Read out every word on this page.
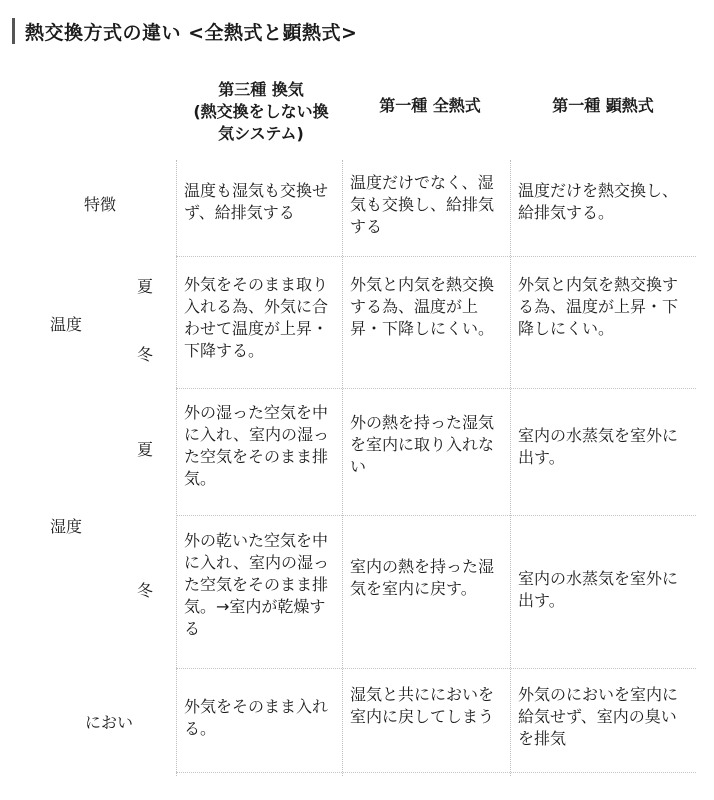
熱交換方式の違い <全熱式と顕熱式>
第三種 換気
(熱交換をしない換気システム)
第一種 全熱式	第一種 顕熱式
特徴
温度
夏
冬
湿度
夏
冬
におい
温度も湿気も交換せず、給排気する
温度だけでなく、湿気も交換し、給排気する
温度だけを熱交換し、給排気する。
外気をそのまま取り入れる為、外気に合わせて温度が上昇・下降する。
外気と内気を熱交換する為、温度が上昇・下降しにくい。
外気と内気を熱交換する為、温度が上昇・下降しにくい。
外の湿った空気を中に入れ、室内の湿った空気をそのまま排気。
外の熱を持った湿気を室内に取り入れない
室内の水蒸気を室外に出す。
外の乾いた空気を中に入れ、室内の湿った空気をそのまま排気。→室内が乾燥する
室内の熱を持った湿気を室内に戻す。
室内の水蒸気を室外に出す。
外気をそのまま入れる。
湿気と共ににおいを室内に戻してしまう
外気のにおいを室内に給気せず、室内の臭いを排気
